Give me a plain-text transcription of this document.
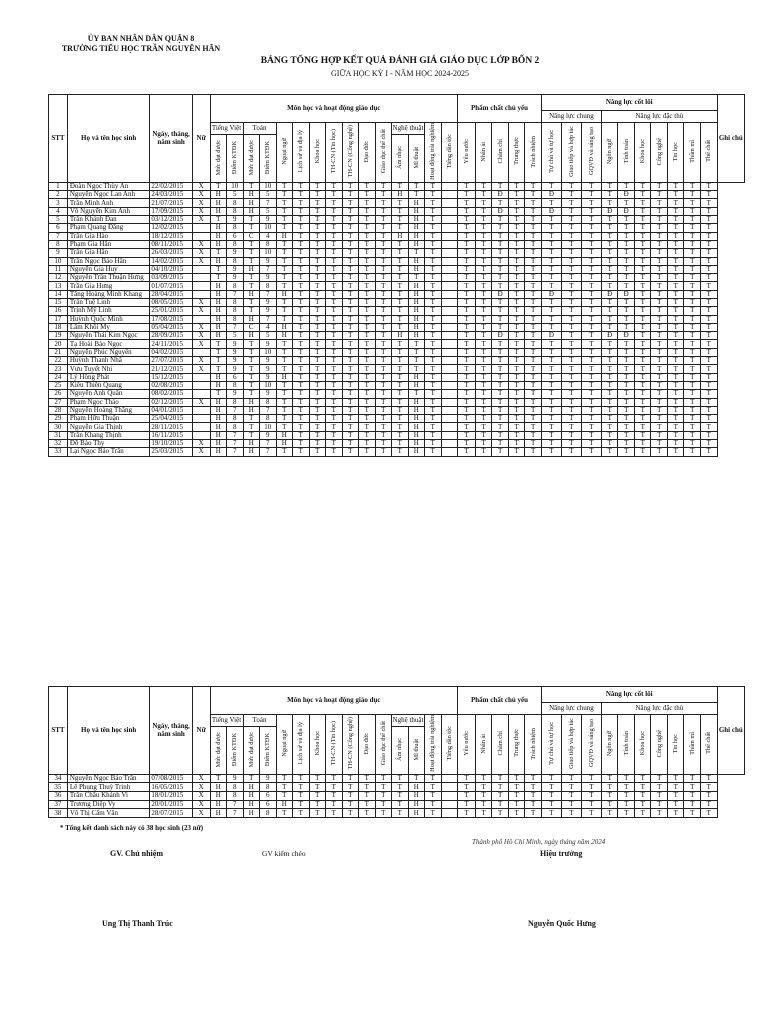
ỦY BAN NHÂN DÂN QUẬN 8
TRƯỜNG TIỂU HỌC TRẦN NGUYÊN HÃN
BẢNG TỔNG HỢP KẾT QUẢ ĐÁNH GIÁ GIÁO DỤC LỚP BỐN 2
GIỮA HỌC KỲ I - NĂM HỌC 2024-2025
STT	Họ và tên học sinh	Ngày, tháng, năm sinh	Nữ	Môn học và hoạt động giáo dục															Phẩm chất chủ yếu					Năng lực cốt lõi										Ghi chú
																								Năng lực chung			Năng lực đặc thù							
				Tiếng Việt		Toán		Ngoại ngữ	Lịch sử và địa lý	Khoa học	TH-CN (Tin học)	TH-CN (Công nghệ)	Đạo đức	Giáo dục thể chất	Nghệ thuật		Hoạt động trải nghiệm	Tiếng dân tộc	Yêu nước	Nhân ái	Chăm chỉ	Trung thực	Trách nhiệm	Tự chủ và tự học	Giao tiếp và hợp tác	GQVĐ và sáng tạo	Ngôn ngữ	Tính toán	Khoa học	Công nghệ	Tin học	Thẩm mĩ	Thể chất	
				Mức đạt được	Điểm KTĐK	Mức đạt được	Điểm KTĐK								Âm nhạc	Mĩ thuật																		
1	Đoàn Ngọc Thùy An	22/02/2015	X	T	10	T	10	T	T	T	T	T	T	T	T	T	T		T	T	T	T	T	T	T	T	T	T	T	T	T	T	T	
2	Nguyễn Ngọc Lan Anh	24/03/2015	X	H	5	H	5	T	T	T	T	T	T	T	H	T	T		T	T	Đ	T	T	Đ	T	T	T	Đ	T	T	T	T	T	
3	Trần Minh Anh	21/07/2015	X	H	8	H	7	T	T	T	T	T	T	T	T	H	T		T	T	T	T	T	T	T	T	T	T	T	T	T	T	T	
4	Võ Nguyễn Kim Anh	17/09/2015	X	H	8	H	5	T	T	T	T	T	T	T	T	H	T		T	T	Đ	T	T	Đ	T	T	Đ	Đ	T	T	T	T	T	
5	Trần Khánh Đan	03/12/2015	X	T	9	T	9	T	T	T	T	T	T	T	T	H	T		T	T	T	T	T	T	T	T	T	T	T	T	T	T	T	
6	Phạm Quang Đăng	12/02/2015		H	8	T	10	T	T	T	T	T	T	T	T	H	T		T	T	T	T	T	T	T	T	T	T	T	T	T	T	T	
7	Trần Gia Hào	18/12/2015		H	6	C	4	H	T	T	T	T	T	T	H	H	T		T	T	T	T	T	T	T	T	T	T	T	T	T	T	T	
8	Phạm Gia Hân	08/11/2015	X	H	8	T	8	T	T	T	T	T	T	T	T	H	T		T	T	T	T	T	T	T	T	T	T	T	T	T	T	T	
9	Trần Gia Hân	26/03/2015	X	T	9	T	10	T	T	T	T	T	T	T	T	T	T		T	T	T	T	T	T	T	T	T	T	T	T	T	T	T	
10	Trần Ngọc Bảo Hân	14/02/2015	X	H	8	T	9	T	T	T	T	T	T	T	T	H	T		T	T	T	T	T	T	T	T	T	T	T	T	T	T	T	
11	Nguyễn Gia Huy	04/10/2015		T	9	H	7	T	T	T	T	T	T	T	T	H	T		T	T	T	T	T	T	T	T	T	T	T	T	T	T	T	
12	Nguyễn Trần Thuận Hưng	03/09/2015		T	9	T	9	T	T	T	T	T	T	T	T	T	T		T	T	T	T	T	T	T	T	T	T	T	T	T	T	T	
13	Trần Gia Hưng	01/07/2015		H	8	T	8	T	T	T	T	T	T	T	T	H	T		T	T	T	T	T	T	T	T	T	T	T	T	T	T	T	
14	Tăng Hoàng Minh Khang	28/04/2015		H	7	H	7	H	T	T	T	T	T	T	T	H	T		T	T	Đ	T	T	Đ	T	T	Đ	Đ	T	T	T	T	T	
15	Trần Tuệ Linh	08/05/2015	X	H	8	T	9	T	T	T	T	T	T	T	T	H	T		T	T	T	T	T	T	T	T	T	T	T	T	T	T	T	
16	Trịnh Mỹ Linh	25/01/2015	X	H	8	T	9	T	T	T	T	T	T	T	T	H	T		T	T	T	T	T	T	T	T	T	T	T	T	T	T	T	
17	Huỳnh Quốc Minh	17/08/2015		H	8	H	7	T	T	T	T	T	T	T	T	H	T		T	T	T	T	T	T	T	T	T	T	T	T	T	T	T	
18	Lâm Khôi My	05/04/2015	X	H	7	C	4	H	T	T	T	T	T	T	T	H	T		T	T	T	T	T	T	T	T	T	T	T	T	T	T	T	
19	Nguyễn Thái Kim Ngọc	28/09/2015	X	H	5	H	5	H	T	T	T	T	T	T	H	H	T		T	T	Đ	T	T	Đ	T	T	Đ	Đ	T	T	T	T	T	
20	Tạ Hoài Bảo Ngọc	24/11/2015	X	T	9	T	9	T	T	T	T	T	T	T	T	T	T		T	T	T	T	T	T	T	T	T	T	T	T	T	T	T	
21	Nguyễn Phúc Nguyên	04/02/2015		T	9	T	10	T	T	T	T	T	T	T	T	T	T		T	T	T	T	T	T	T	T	T	T	T	T	T	T	T	
22	Huỳnh Thanh Nhã	27/07/2015	X	T	9	T	9	T	T	T	T	T	T	T	T	T	T		T	T	T	T	T	T	T	T	T	T	T	T	T	T	T	
23	Vưu Tuyết Nhi	21/12/2015	X	T	9	T	9	T	T	T	T	T	T	T	T	T	T		T	T	T	T	T	T	T	T	T	T	T	T	T	T	T	
24	Lý Hồng Phát	15/12/2015		H	6	T	9	H	T	T	T	T	T	T	T	H	T		T	T	T	T	T	T	T	T	T	T	T	T	T	T	T	
25	Kiều Thiên Quang	02/08/2015		H	8	T	10	T	T	T	T	T	T	T	T	H	T		T	T	T	T	T	T	T	T	T	T	T	T	T	T	T	
26	Nguyễn Anh Quân	08/02/2015		T	9	T	9	T	T	T	T	T	T	T	T	T	T		T	T	T	T	T	T	T	T	T	T	T	T	T	T	T	
27	Phạm Ngọc Thảo	02/12/2015	X	H	8	H	8	T	T	T	T	T	T	T	T	H	T		T	T	T	T	T	T	T	T	T	T	T	T	T	T	T	
28	Nguyễn Hoàng Thắng	04/01/2015		H	7	H	7	T	T	T	T	T	T	T	T	H	T		T	T	T	T	T	T	T	T	T	T	T	T	T	T	T	
29	Phạm Hữu Thuận	25/04/2015		H	8	T	8	T	T	T	T	T	T	T	T	H	T		T	T	T	T	T	T	T	T	T	T	T	T	T	T	T	
30	Nguyễn Gia Thịnh	28/11/2015		H	8	T	10	T	T	T	T	T	T	T	T	H	T		T	T	T	T	T	T	T	T	T	T	T	T	T	T	T	
31	Trần Khang Thịnh	16/11/2015		H	7	T	9	H	T	T	T	T	T	T	T	H	T		T	T	T	T	T	T	T	T	T	T	T	T	T	T	T	
32	Đỗ Bảo Thy	19/10/2015	X	H	7	H	7	H	T	T	T	T	T	T	T	H	T		T	T	T	T	T	T	T	T	T	T	T	T	T	T	T	
33	Lại Ngọc Bảo Trân	25/03/2015	X	H	7	H	7	T	T	T	T	T	T	T	T	H	T		T	T	T	T	T	T	T	T	T	T	T	T	T	T	T	
STT	Họ và tên học sinh	Ngày, tháng, năm sinh	Nữ	Môn học và hoạt động giáo dục															Phẩm chất chủ yếu					Năng lực cốt lõi										Ghi chú
																								Năng lực chung			Năng lực đặc thù							
				Tiếng Việt		Toán		Ngoại ngữ	Lịch sử và địa lý	Khoa học	TH-CN (Tin học)	TH-CN (Công nghệ)	Đạo đức	Giáo dục thể chất	Nghệ thuật		Hoạt động trải nghiệm	Tiếng dân tộc	Yêu nước	Nhân ái	Chăm chỉ	Trung thực	Trách nhiệm	Tự chủ và tự học	Giao tiếp và hợp tác	GQVĐ và sáng tạo	Ngôn ngữ	Tính toán	Khoa học	Công nghệ	Tin học	Thẩm mĩ	Thể chất	
				Mức đạt được	Điểm KTĐK	Mức đạt được	Điểm KTĐK								Âm nhạc	Mĩ thuật																		
34	Nguyễn Ngọc Bảo Trân	07/08/2015	X	T	9	T	9	T	T	T	T	T	T	T	T	T	T		T	T	T	T	T	T	T	T	T	T	T	T	T	T	T	
35	Lê Phụng Thuỳ Trinh	16/05/2015	X	H	8	H	8	T	T	T	T	T	T	T	T	H	T		T	T	T	T	T	T	T	T	T	T	T	T	T	T	T	
36	Trần Châu Khánh Vi	18/01/2015	X	H	8	H	6	T	T	T	T	T	T	T	T	H	T		T	T	T	T	T	T	T	T	T	T	T	T	T	T	T	
37	Trương Diệp Vy	20/01/2015	X	H	7	H	6	H	T	T	T	T	T	T	T	H	T		T	T	T	T	T	T	T	T	T	T	T	T	T	T	T	
38	Võ Thị Cẩm Vân	28/07/2015	X	H	7	H	8	T	T	T	T	T	T	T	T	H	T		T	T	T	T	T	T	T	T	T	T	T	T	T	T	T	
* Tổng kết danh sách này có 38 học sinh (23 nữ)
Thành phố Hồ Chí Minh, ngày tháng năm 2024
GV. Chủ nhiệm	GV kiểm chéo	Hiệu trưởng
Ung Thị Thanh Trúc	Nguyễn Quốc Hưng
